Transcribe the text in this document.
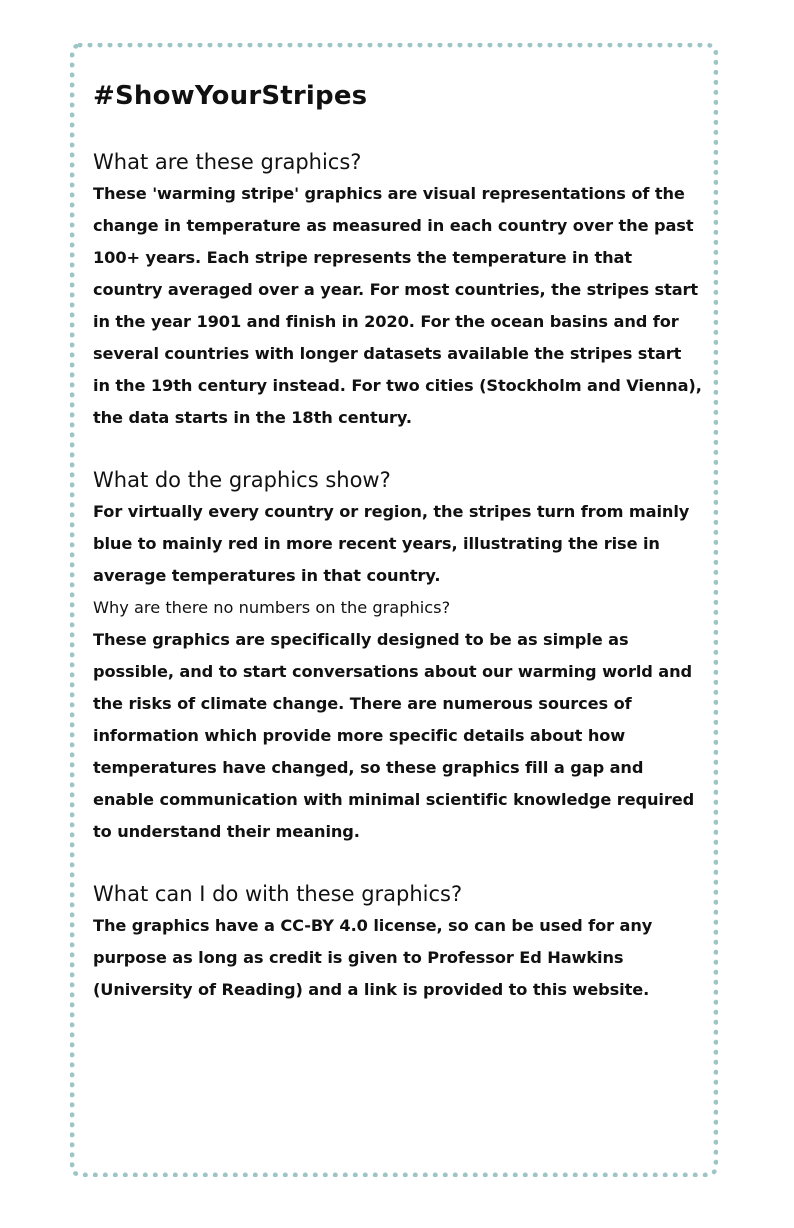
#ShowYourStripes
What are these graphics?

These 'warming stripe' graphics are visual representations of the change in temperature as measured in each country over the past 100+ years. Each stripe represents the temperature in that country averaged over a year. For most countries, the stripes start in the year 1901 and finish in 2020. For the ocean basins and for several countries with longer datasets available the stripes start in the 19th century instead. For two cities (Stockholm and Vienna), the data starts in the 18th century.

What do the graphics show?

For virtually every country or region, the stripes turn from mainly blue to mainly red in more recent years, illustrating the rise in average temperatures in that country.

Why are there no numbers on the graphics?

These graphics are specifically designed to be as simple as possible, and to start conversations about our warming world and the risks of climate change. There are numerous sources of information which provide more specific details about how temperatures have changed, so these graphics fill a gap and enable communication with minimal scientific knowledge required to understand their meaning.

What can I do with these graphics?

The graphics have a CC-BY 4.0 license, so can be used for any purpose as long as credit is given to Professor Ed Hawkins (University of Reading) and a link is provided to this website.
